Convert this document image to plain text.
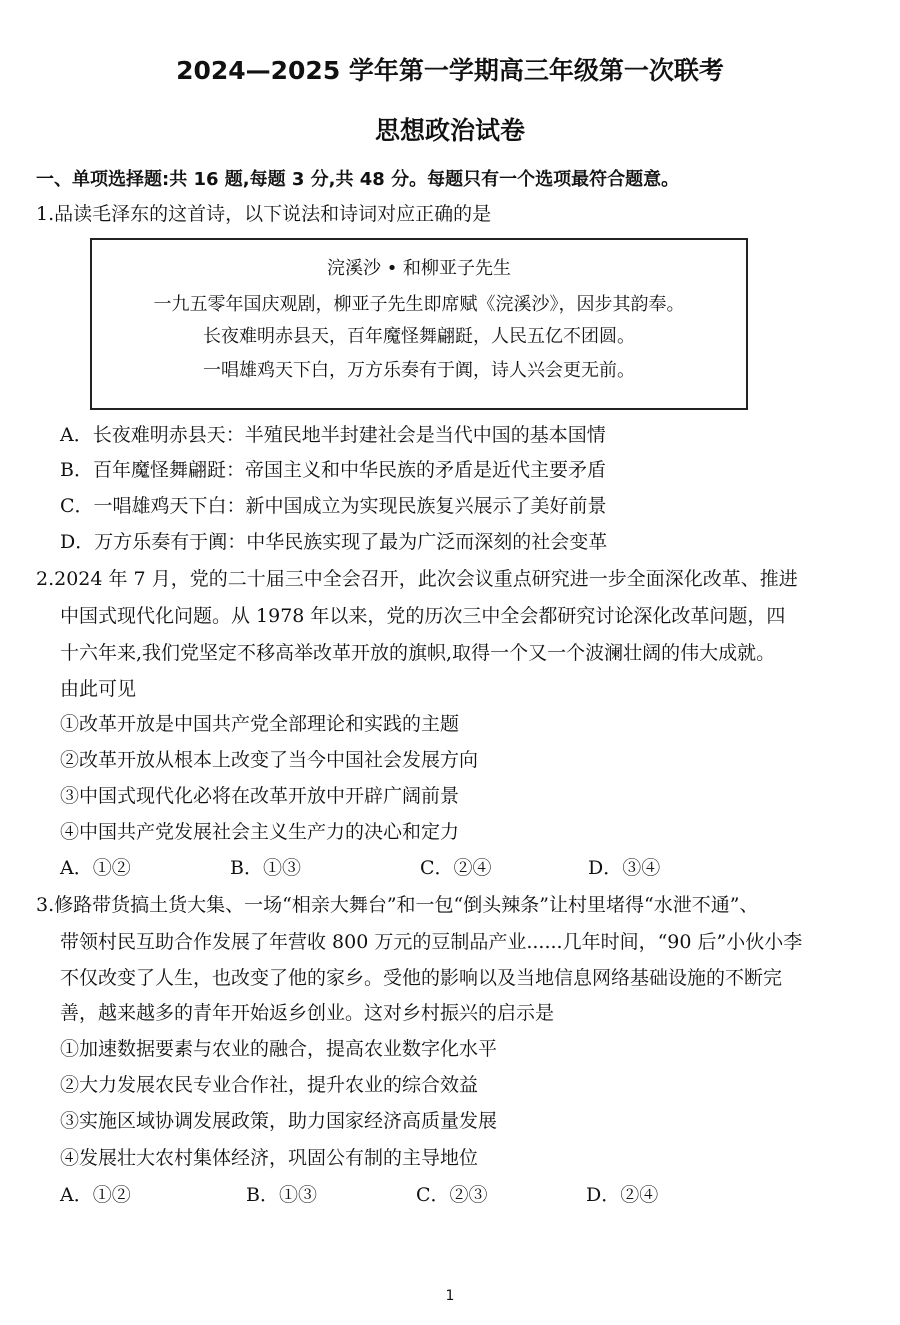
2024—2025 学年第一学期高三年级第一次联考
思想政治试卷
一、单项选择题:共 16 题,每题 3 分,共 48 分。每题只有一个选项最符合题意。
1.品读毛泽东的这首诗，以下说法和诗词对应正确的是
浣溪沙 • 和柳亚子先生
一九五零年国庆观剧，柳亚子先生即席赋《浣溪沙》，因步其韵奉。
长夜难明赤县天，百年魔怪舞翩跹，人民五亿不团圆。
一唱雄鸡天下白，万方乐奏有于阗，诗人兴会更无前。
A．长夜难明赤县天：半殖民地半封建社会是当代中国的基本国情
B．百年魔怪舞翩跹：帝国主义和中华民族的矛盾是近代主要矛盾
C．一唱雄鸡天下白：新中国成立为实现民族复兴展示了美好前景
D．万方乐奏有于阗：中华民族实现了最为广泛而深刻的社会变革
2.2024 年 7 月，党的二十届三中全会召开，此次会议重点研究进一步全面深化改革、推进
中国式现代化问题。从 1978 年以来，党的历次三中全会都研究讨论深化改革问题，四
十六年来,我们党坚定不移高举改革开放的旗帜,取得一个又一个波澜壮阔的伟大成就。
由此可见
①改革开放是中国共产党全部理论和实践的主题
②改革开放从根本上改变了当今中国社会发展方向
③中国式现代化必将在改革开放中开辟广阔前景
④中国共产党发展社会主义生产力的决心和定力
A．①②	B．①③	C．②④	D．③④
3.修路带货搞土货大集、一场“相亲大舞台”和一包“倒头辣条”让村里堵得“水泄不通”、
带领村民互助合作发展了年营收 800 万元的豆制品产业......几年时间，“90 后”小伙小李
不仅改变了人生，也改变了他的家乡。受他的影响以及当地信息网络基础设施的不断完
善，越来越多的青年开始返乡创业。这对乡村振兴的启示是
①加速数据要素与农业的融合，提高农业数字化水平
②大力发展农民专业合作社，提升农业的综合效益
③实施区域协调发展政策，助力国家经济高质量发展
④发展壮大农村集体经济，巩固公有制的主导地位
A．①②	B．①③	C．②③	D．②④
1
